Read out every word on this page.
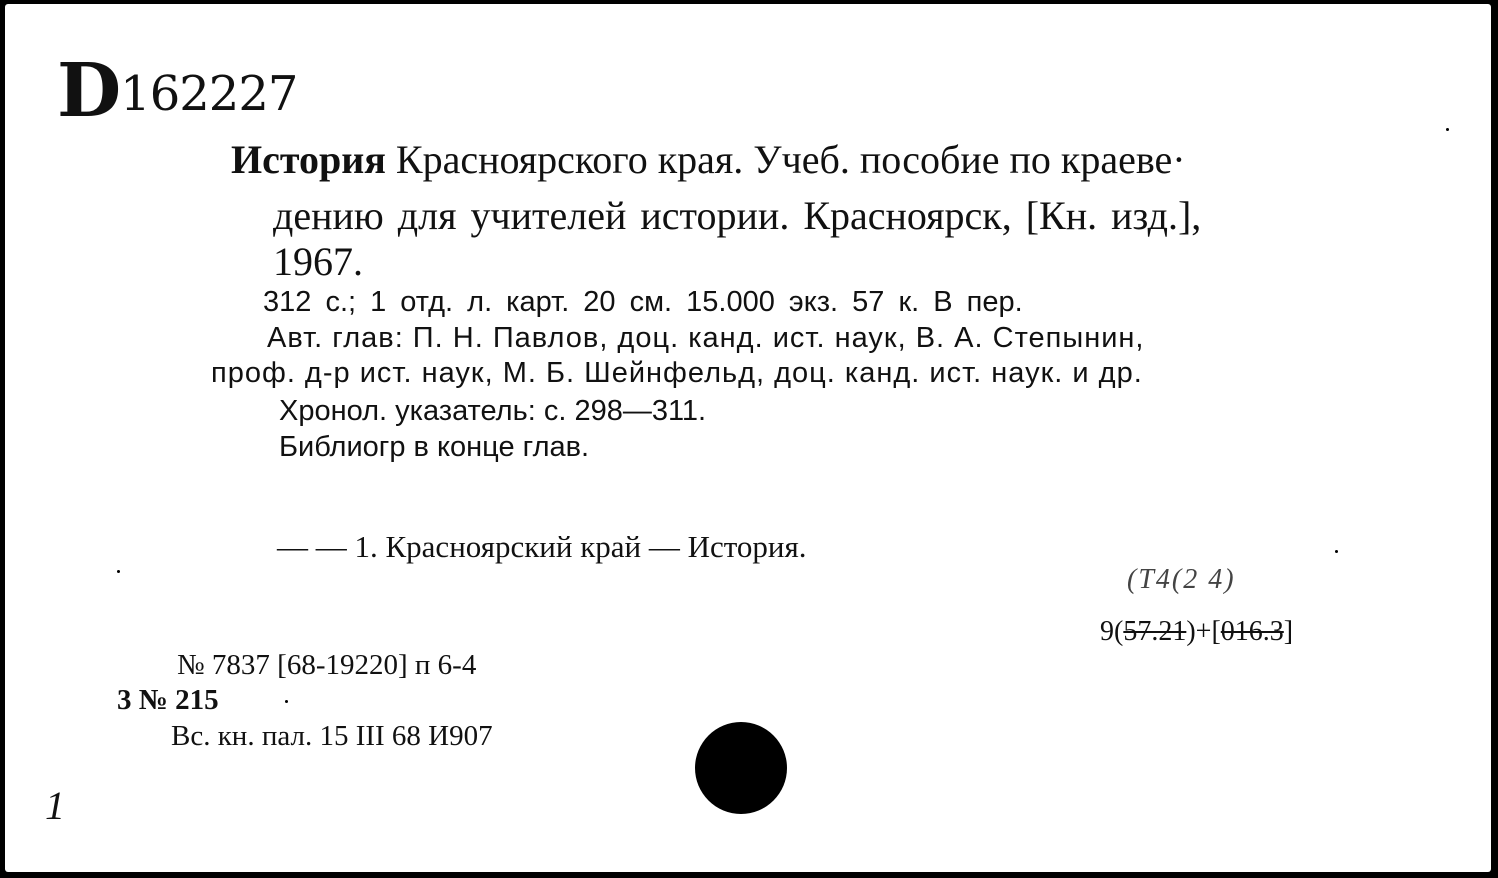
D162227
История Красноярского края. Учеб. пособие по краеве·
дению для учителей истории. Красноярск, [Кн. изд.],
1967.
312 с.; 1 отд. л. карт. 20 см. 15.000 экз. 57 к. В пер.
Авт. глав: П. Н. Павлов, доц. канд. ист. наук, В. А. Степынин,
проф. д-р ист. наук, М. Б. Шейнфельд, доц. канд. ист. наук. и др.
Хронол. указатель: с. 298—311.
Библиогр в конце глав.
— — 1. Красноярский край — История.
(Т4(2 4)
9(57.21)+[016.3]
№ 7837 [68-19220] п 6-4
3 № 215
Вс. кн. пал. 15 III 68 И907
1
